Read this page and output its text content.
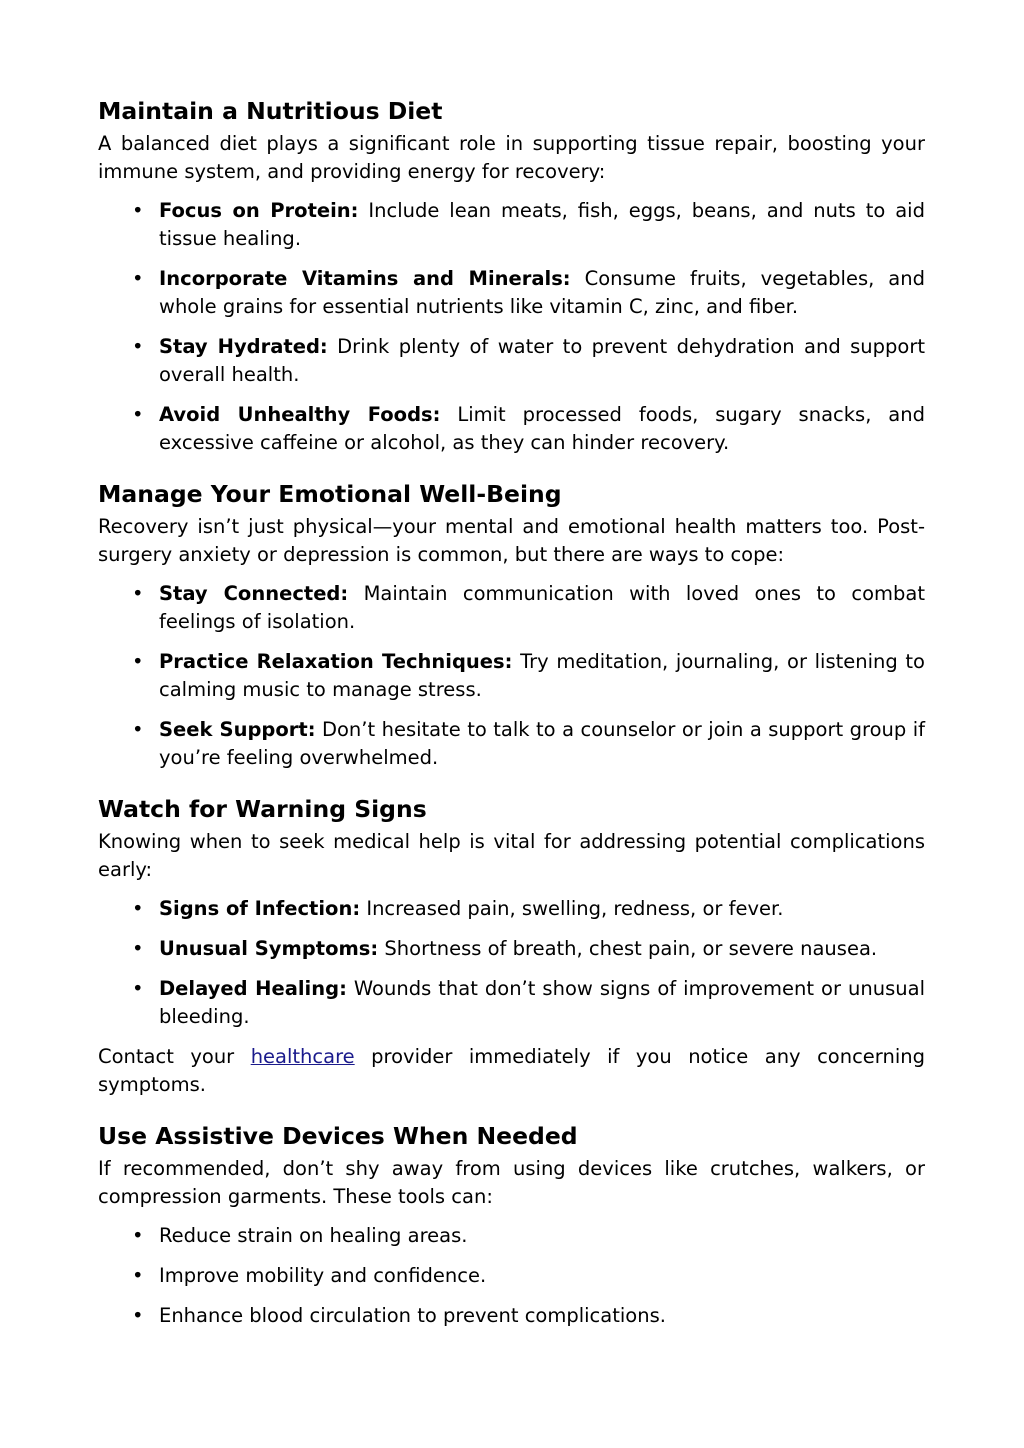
Maintain a Nutritious Diet

A balanced diet plays a significant role in supporting tissue repair, boosting your immune system, and providing energy for recovery:

• Focus on Protein: Include lean meats, fish, eggs, beans, and nuts to aid tissue healing.
• Incorporate Vitamins and Minerals: Consume fruits, vegetables, and whole grains for essential nutrients like vitamin C, zinc, and fiber.
• Stay Hydrated: Drink plenty of water to prevent dehydration and support overall health.
• Avoid Unhealthy Foods: Limit processed foods, sugary snacks, and excessive caffeine or alcohol, as they can hinder recovery.
Manage Your Emotional Well-Being

Recovery isn’t just physical—your mental and emotional health matters too. Post-surgery anxiety or depression is common, but there are ways to cope:

• Stay Connected: Maintain communication with loved ones to combat feelings of isolation.
• Practice Relaxation Techniques: Try meditation, journaling, or listening to calming music to manage stress.
• Seek Support: Don’t hesitate to talk to a counselor or join a support group if you’re feeling overwhelmed.
Watch for Warning Signs

Knowing when to seek medical help is vital for addressing potential complications early:

• Signs of Infection: Increased pain, swelling, redness, or fever.
• Unusual Symptoms: Shortness of breath, chest pain, or severe nausea.
• Delayed Healing: Wounds that don’t show signs of improvement or unusual bleeding.

Contact your healthcare provider immediately if you notice any concerning symptoms.

Use Assistive Devices When Needed

If recommended, don’t shy away from using devices like crutches, walkers, or compression garments. These tools can:

• Reduce strain on healing areas.
• Improve mobility and confidence.
• Enhance blood circulation to prevent complications.
